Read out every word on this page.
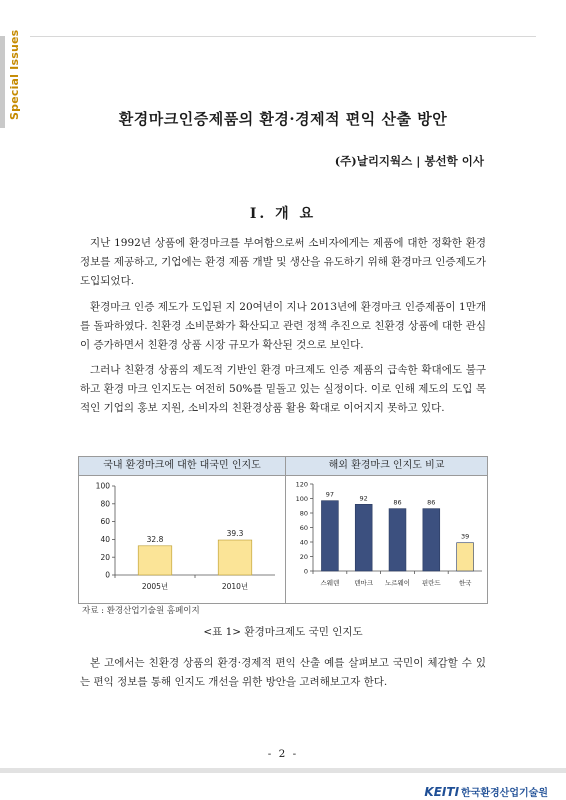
Special Issues	환경마크인증제품의 환경·경제적 편익 산출 방안
(주)날리지웍스 | 봉선학 이사
I. 개 요

지난 1992년 상품에 환경마크를 부여함으로써 소비자에게는 제품에 대한 정확한 환경정보를 제공하고, 기업에는 환경 제품 개발 및 생산을 유도하기 위해 환경마크 인증제도가 도입되었다.

환경마크 인증 제도가 도입된 지 20여년이 지나 2013년에 환경마크 인증제품이 1만개를 돌파하였다. 친환경 소비문화가 확산되고 관련 정책 추진으로 친환경 상품에 대한 관심이 증가하면서 친환경 상품 시장 규모가 확산된 것으로 보인다.

그러나 친환경 상품의 제도적 기반인 환경 마크제도 인증 제품의 급속한 확대에도 불구하고 환경 마크 인지도는 여전히 50%를 밑돌고 있는 실정이다. 이로 인해 제도의 도입 목적인 기업의 홍보 지원, 소비자의 친환경상품 활용 확대로 이어지지 못하고 있다.

국내 환경마크에 대한 대국민 인지도
0
20
40
60
80
100
32.8
2005년
39.3
2010년
해외 환경마크 인지도 비교
0
20
40
60
80
100
120
97
스웨덴
92
덴마크
86
노르웨이
86
핀란드
39
한국
자료 : 환경산업기술원 홈페이지
<표 1> 환경마크제도 국민 인지도

본 고에서는 친환경 상품의 환경·경제적 편익 산출 예를 살펴보고 국민이 체감할 수 있는 편익 정보를 통해 인지도 개선을 위한 방안을 고려해보고자 한다.

- 2 -
KEITI 한국환경산업기술원
